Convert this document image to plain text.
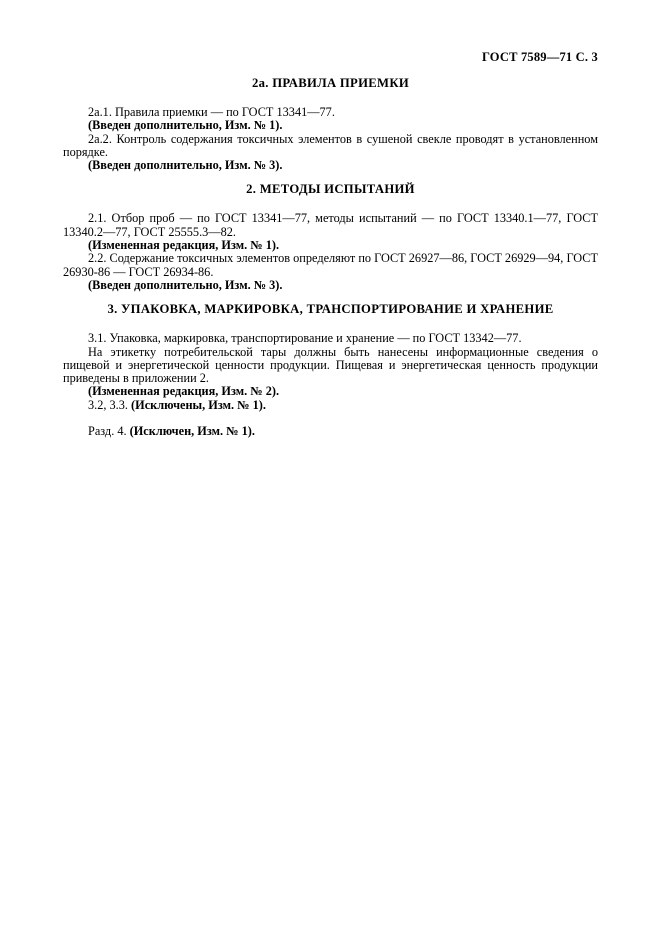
ГОСТ 7589—71 С. 3

2а. ПРАВИЛА ПРИЕМКИ

2а.1. Правила приемки — по ГОСТ 13341—77.

(Введен дополнительно, Изм. № 1).

2а.2. Контроль содержания токсичных элементов в сушеной свекле проводят в установленном порядке.

(Введен дополнительно, Изм. № 3).

2. МЕТОДЫ ИСПЫТАНИЙ

2.1. Отбор проб — по ГОСТ 13341—77, методы испытаний — по ГОСТ 13340.1—77, ГОСТ 13340.2—77, ГОСТ 25555.3—82.

(Измененная редакция, Изм. № 1).

2.2. Содержание токсичных элементов определяют по ГОСТ 26927—86, ГОСТ 26929—94, ГОСТ 26930-86 — ГОСТ 26934-86.

(Введен дополнительно, Изм. № 3).

3. УПАКОВКА, МАРКИРОВКА, ТРАНСПОРТИРОВАНИЕ И ХРАНЕНИЕ

3.1. Упаковка, маркировка, транспортирование и хранение — по ГОСТ 13342—77.

На этикетку потребительской тары должны быть нанесены информационные сведения о пищевой и энергетической ценности продукции. Пищевая и энергетическая ценность продукции приведены в приложении 2.

(Измененная редакция, Изм. № 2).

3.2, 3.3. (Исключены, Изм. № 1).

Разд. 4. (Исключен, Изм. № 1).
